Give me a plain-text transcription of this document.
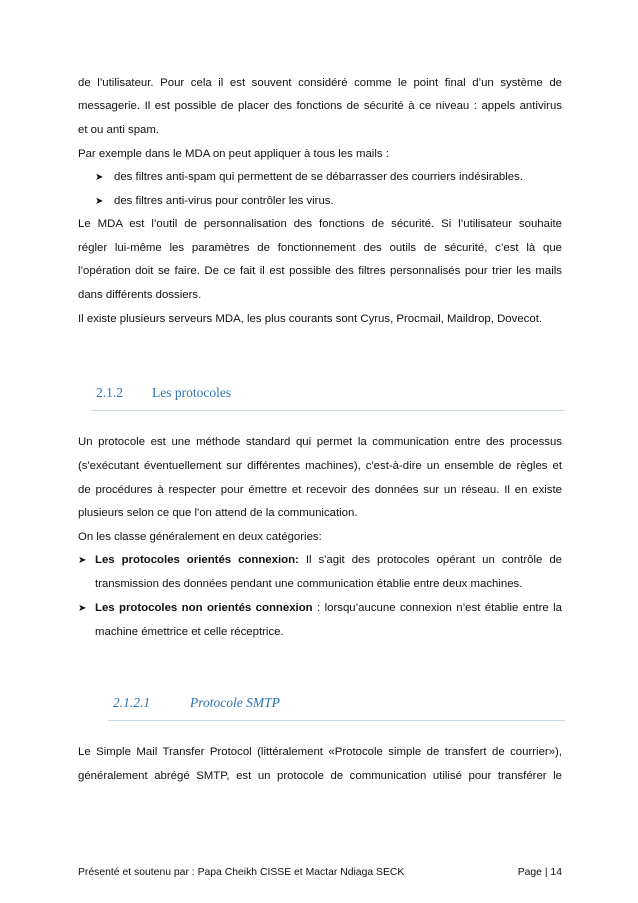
de l’utilisateur. Pour cela il est souvent considéré comme le point final d’un système de
messagerie. Il est possible de placer des fonctions de sécurité à ce niveau : appels antivirus
et ou anti spam.
Par exemple dans le MDA on peut appliquer à tous les mails :
➤ des filtres anti-spam qui permettent de se débarrasser des courriers indésirables.
➤ des filtres anti-virus pour contrôler les virus.
Le MDA est l’outil de personnalisation des fonctions de sécurité. Si l’utilisateur souhaite
régler lui-même les paramètres de fonctionnement des outils de sécurité, c’est là que
l’opération doit se faire. De ce fait il est possible des filtres personnalisés pour trier les mails
dans différents dossiers.
Il existe plusieurs serveurs MDA, les plus courants sont Cyrus, Procmail, Maildrop, Dovecot.
2.1.2 Les protocoles
Un protocole est une méthode standard qui permet la communication entre des processus
(s'exécutant éventuellement sur différentes machines), c'est-à-dire un ensemble de règles et
de procédures à respecter pour émettre et recevoir des données sur un réseau. Il en existe
plusieurs selon ce que l'on attend de la communication.
On les classe généralement en deux catégories:
➤ Les protocoles orientés connexion: Il s'agit des protocoles opérant un contrôle de
transmission des données pendant une communication établie entre deux machines.
➤ Les protocoles non orientés connexion : lorsqu’aucune connexion n’est établie entre la
machine émettrice et celle réceptrice.
2.1.2.1	Protocole SMTP
Le Simple Mail Transfer Protocol (littéralement «Protocole simple de transfert de courrier»),
généralement abrégé SMTP, est un protocole de communication utilisé pour transférer le
Présenté et soutenu par : Papa Cheikh CISSE et Mactar Ndiaga SECK	Page | 14
